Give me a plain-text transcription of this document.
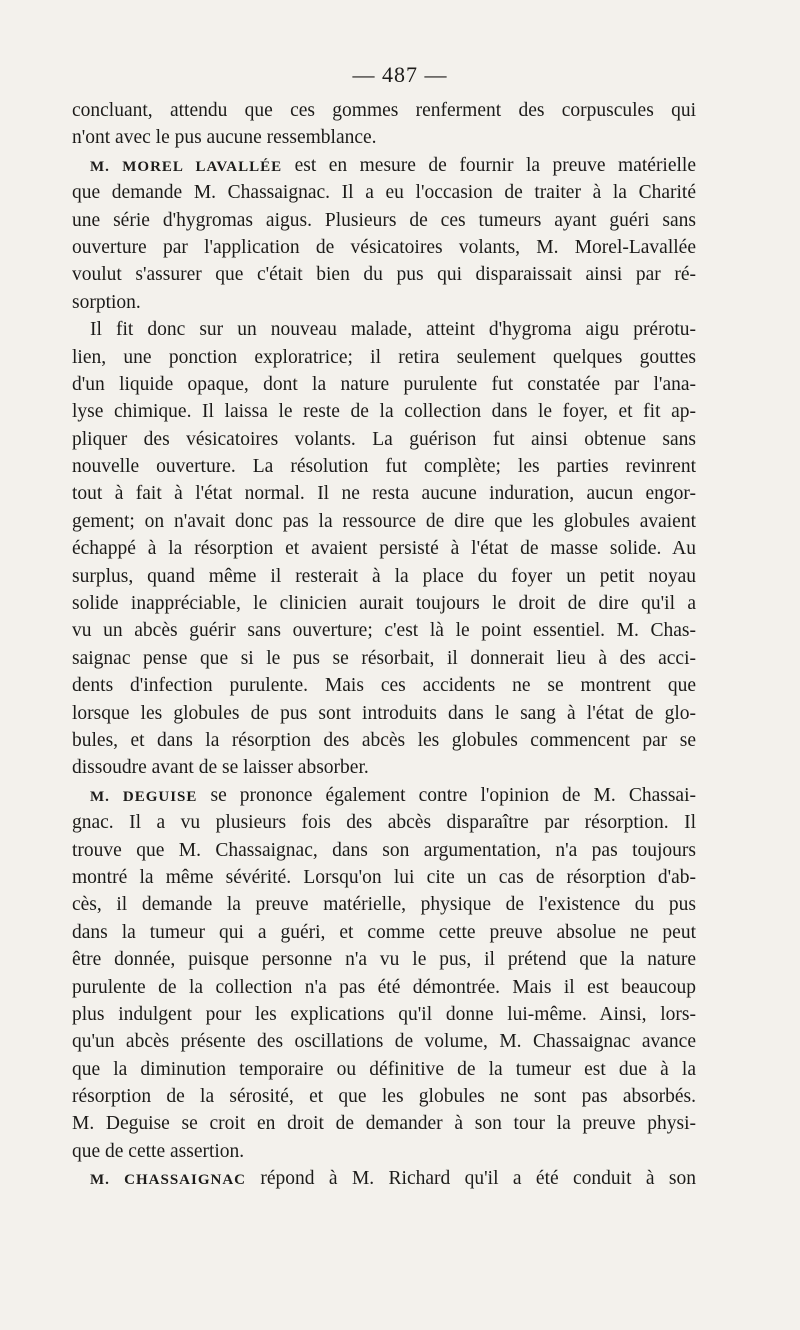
— 487 —
concluant, attendu que ces gommes renferment des corpuscules qui
n'ont avec le pus aucune ressemblance.
M. MOREL LAVALLÉE est en mesure de fournir la preuve matérielle
que demande M. Chassaignac. Il a eu l'occasion de traiter à la Charité
une série d'hygromas aigus. Plusieurs de ces tumeurs ayant guéri sans
ouverture par l'application de vésicatoires volants, M. Morel-Lavallée
voulut s'assurer que c'était bien du pus qui disparaissait ainsi par ré-
sorption.
Il fit donc sur un nouveau malade, atteint d'hygroma aigu prérotu-
lien, une ponction exploratrice; il retira seulement quelques gouttes
d'un liquide opaque, dont la nature purulente fut constatée par l'ana-
lyse chimique. Il laissa le reste de la collection dans le foyer, et fit ap-
pliquer des vésicatoires volants. La guérison fut ainsi obtenue sans
nouvelle ouverture. La résolution fut complète; les parties revinrent
tout à fait à l'état normal. Il ne resta aucune induration, aucun engor-
gement; on n'avait donc pas la ressource de dire que les globules avaient
échappé à la résorption et avaient persisté à l'état de masse solide. Au
surplus, quand même il resterait à la place du foyer un petit noyau
solide inappréciable, le clinicien aurait toujours le droit de dire qu'il a
vu un abcès guérir sans ouverture; c'est là le point essentiel. M. Chas-
saignac pense que si le pus se résorbait, il donnerait lieu à des acci-
dents d'infection purulente. Mais ces accidents ne se montrent que
lorsque les globules de pus sont introduits dans le sang à l'état de glo-
bules, et dans la résorption des abcès les globules commencent par se
dissoudre avant de se laisser absorber.
M. DEGUISE se prononce également contre l'opinion de M. Chassai-
gnac. Il a vu plusieurs fois des abcès disparaître par résorption. Il
trouve que M. Chassaignac, dans son argumentation, n'a pas toujours
montré la même sévérité. Lorsqu'on lui cite un cas de résorption d'ab-
cès, il demande la preuve matérielle, physique de l'existence du pus
dans la tumeur qui a guéri, et comme cette preuve absolue ne peut
être donnée, puisque personne n'a vu le pus, il prétend que la nature
purulente de la collection n'a pas été démontrée. Mais il est beaucoup
plus indulgent pour les explications qu'il donne lui-même. Ainsi, lors-
qu'un abcès présente des oscillations de volume, M. Chassaignac avance
que la diminution temporaire ou définitive de la tumeur est due à la
résorption de la sérosité, et que les globules ne sont pas absorbés.
M. Deguise se croit en droit de demander à son tour la preuve physi-
que de cette assertion.
M. CHASSAIGNAC répond à M. Richard qu'il a été conduit à son
